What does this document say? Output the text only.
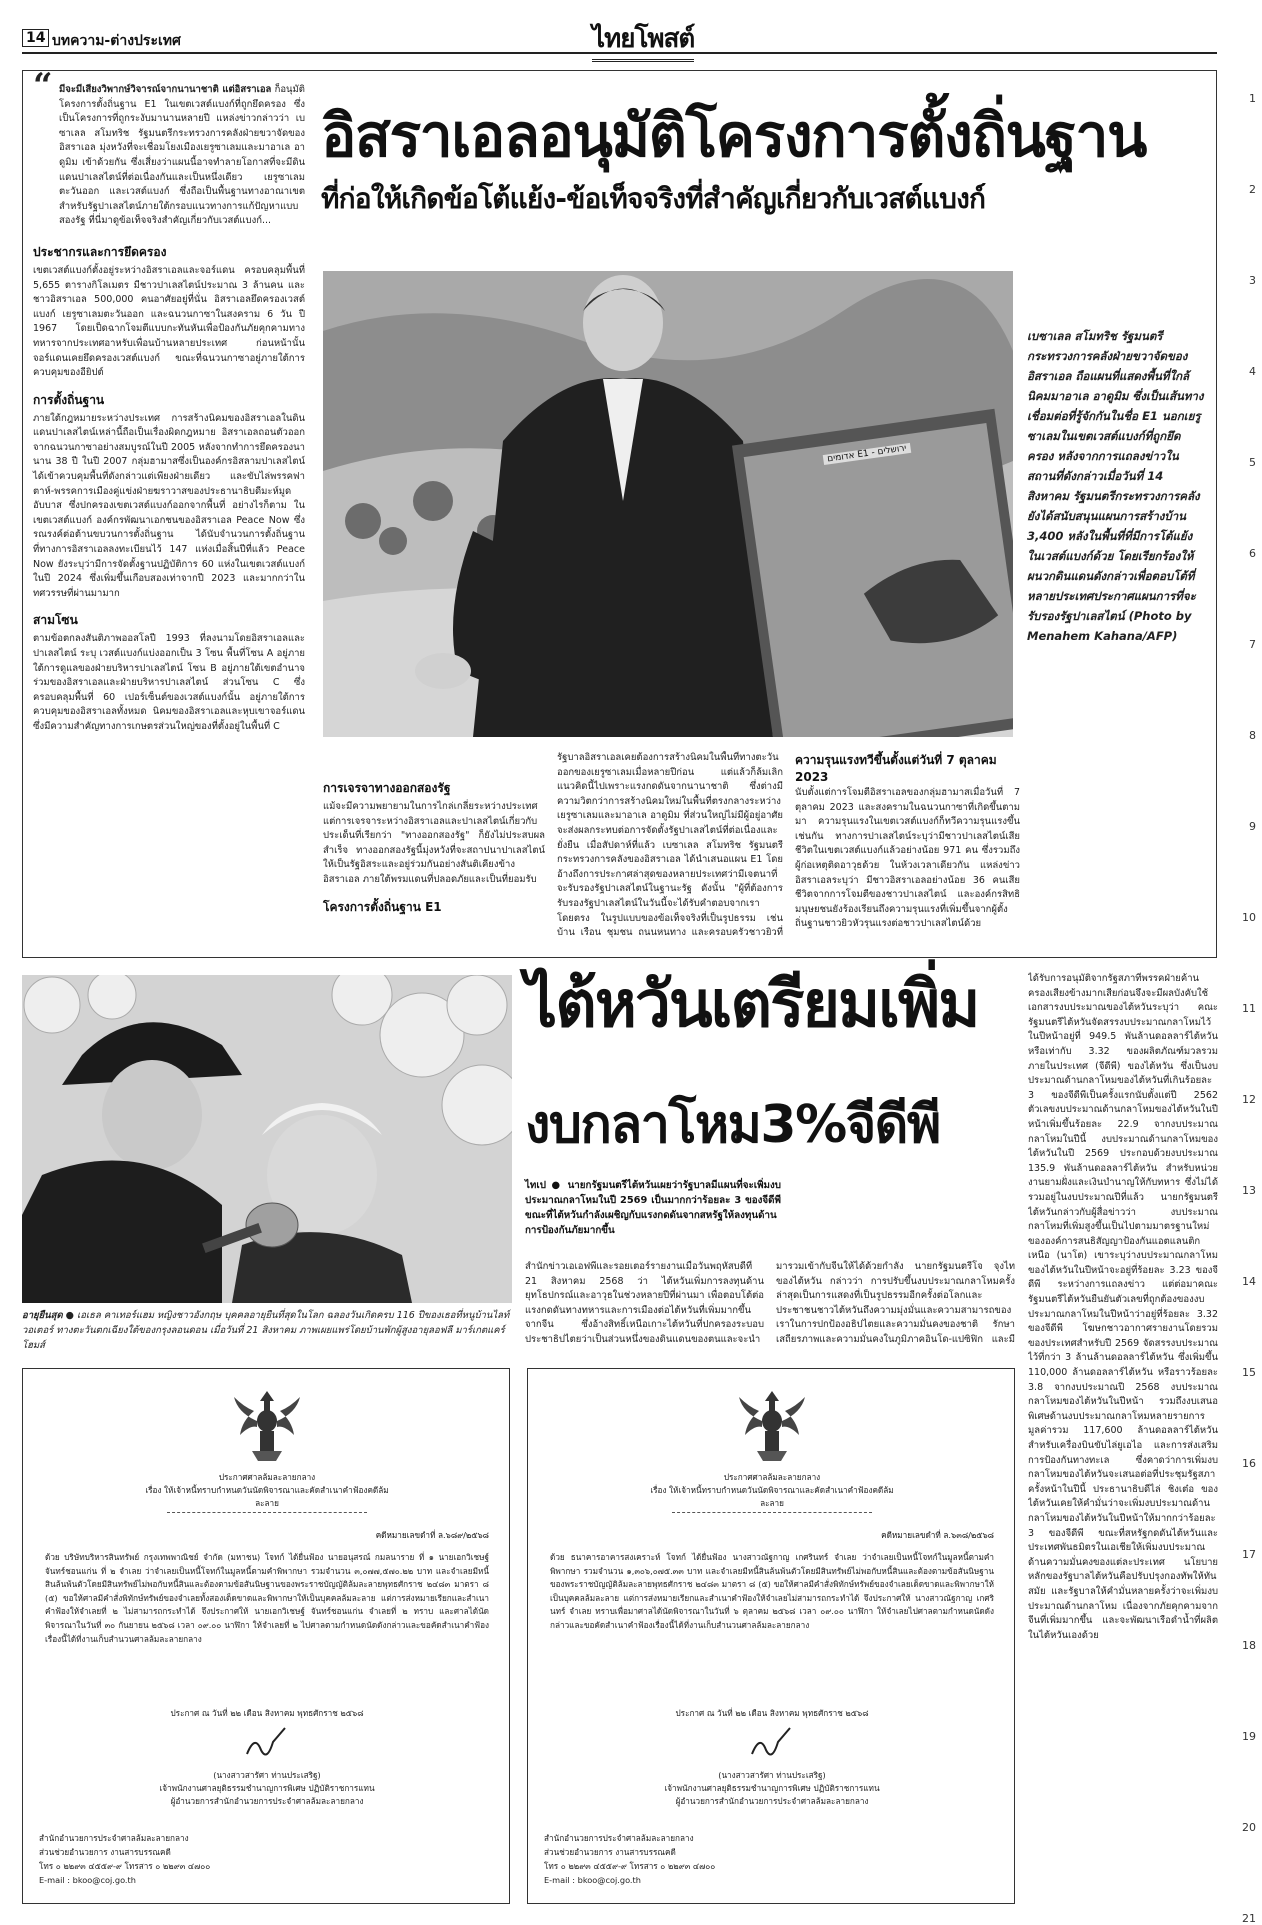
14 บทความ-ต่างประเทศ	ไทยโพสต์
1
2
3
4
5
6
7
8
9
10
11
12
13
14
15
16
17
18
19
20
21
“ มีจะมีเสียงวิพากษ์วิจารณ์จากนานาชาติ แต่อิสราเอล ก็อนุมัติโครงการตั้งถิ่นฐาน E1 ในเขตเวสต์แบงก์ที่ถูกยึดครอง ซึ่งเป็นโครงการที่ถูกระงับมานานหลายปี แหล่งข่าวกล่าวว่า เบซาเลล สโมทริช รัฐมนตรีกระทรวงการคลังฝ่ายขวาจัดของอิสราเอล มุ่งหวังที่จะเชื่อมโยงเมืองเยรูซาเลมและมาอาเล อาดูมิม เข้าด้วยกัน ซึ่งเสี่ยงว่าแผนนี้อาจทำลายโอกาสที่จะมีดินแดนปาเลสไตน์ที่ต่อเนื่องกันและเป็นหนึ่งเดียว เยรูซาเลมตะวันออก และเวสต์แบงก์ ซึ่งถือเป็นพื้นฐานทางอาณาเขตสำหรับรัฐปาเลสไตน์ภายใต้กรอบแนวทางการแก้ปัญหาแบบสองรัฐ ที่นี่มาดูข้อเท็จจริงสำคัญเกี่ยวกับเวสต์แบงก์...
ประชากรและการยึดครอง
เขตเวสต์แบงก์ตั้งอยู่ระหว่างอิสราเอลและจอร์แดน ครอบคลุมพื้นที่ 5,655 ตารางกิโลเมตร มีชาวปาเลสไตน์ประมาณ 3 ล้านคน และชาวอิสราเอล 500,000 คนอาศัยอยู่ที่นั่น อิสราเอลยึดครองเวสต์แบงก์ เยรูซาเลมตะวันออก และฉนวนกาซาในสงคราม 6 วัน ปี 1967 โดยเป็ดฉากโจมตีแบบกะทันหันเพื่อป้องกันภัยคุกคามทางทหารจากประเทศอาหรับเพื่อนบ้านหลายประเทศ ก่อนหน้านั้นจอร์แดนเคยยึดครองเวสต์แบงก์ ขณะที่ฉนวนกาซาอยู่ภายใต้การควบคุมของอียิปต์
การตั้งถิ่นฐาน
ภายใต้กฎหมายระหว่างประเทศ การสร้างนิคมของอิสราเอลในดินแดนปาเลสไตน์เหล่านี้ถือเป็นเรื่องผิดกฎหมาย อิสราเอลถอนตัวออกจากฉนวนกาซาอย่างสมบูรณ์ในปี 2005 หลังจากทำการยึดครองนานาน 38 ปี ในปี 2007 กลุ่มฮามาสซึ่งเป็นองค์กรอิสลามปาเลสไตน์ได้เข้าควบคุมพื้นที่ดังกล่าวแต่เพียงฝ่ายเดียว และขับไล่พรรคฟาตาห์-พรรคการเมืองคู่แข่งฝ่ายฆราวาสของประธานาธิบดีมะห์มูด อับบาส ซึ่งปกครองเขตเวสต์แบงก์ออกจากพื้นที่ อย่างไรก็ตาม ในเขตเวสต์แบงก์ องค์กรพัฒนาเอกชนของอิสราเอล Peace Now ซึ่งรณรงค์ต่อต้านขบวนการตั้งถิ่นฐาน ได้นับจำนวนการตั้งถิ่นฐานที่ทางการอิสราเอลลงทะเบียนไว้ 147 แห่งเมื่อสิ้นปีที่แล้ว Peace Now ยังระบุว่ามีการจัดตั้งฐานปฏิบัติการ 60 แห่งในเขตเวสต์แบงก์ในปี 2024 ซึ่งเพิ่มขึ้นเกือบสองเท่าจากปี 2023 และมากกว่าในทศวรรษที่ผ่านมามาก
สามโซน
ตามข้อตกลงสันติภาพออสโลปี 1993 ที่ลงนามโดยอิสราเอลและปาเลสไตน์ ระบุ เวสต์แบงก์แบ่งออกเป็น 3 โซน พื้นที่โซน A อยู่ภายใต้การดูแลของฝ่ายบริหารปาเลสไตน์ โซน B อยู่ภายใต้เขตอำนาจร่วมของอิสราเอลและฝ่ายบริหารปาเลสไตน์ ส่วนโซน C ซึ่งครอบคลุมพื้นที่ 60 เปอร์เซ็นต์ของเวสต์แบงก์นั้น อยู่ภายใต้การควบคุมของอิสราเอลทั้งหมด นิคมของอิสราเอลและหุบเขาจอร์แดน ซึ่งมีความสำคัญทางการเกษตรส่วนใหญ่ของที่ตั้งอยู่ในพื้นที่ C
อิสราเอลอนุมัติโครงการตั้งถิ่นฐาน
ที่ก่อให้เกิดข้อโต้แย้ง-ข้อเท็จจริงที่สำคัญเกี่ยวกับเวสต์แบงก์
אדומים E1 - ירושלים
เบซาเลล สโมทริช รัฐมนตรีกระทรวงการคลังฝ่ายขวาจัดของอิสราเอล ถือแผนที่แสดงพื้นที่ใกล้นิคมมาอาเล อาดูมิม ซึ่งเป็นเส้นทางเชื่อมต่อที่รู้จักกันในชื่อ E1 นอกเยรูซาเลมในเขตเวสต์แบงก์ที่ถูกยึดครอง หลังจากการแถลงข่าวในสถานที่ดังกล่าวเมื่อวันที่ 14 สิงหาคม รัฐมนตรีกระทรวงการคลังยังได้สนับสนุนแผนการสร้างบ้าน 3,400 หลังในพื้นที่ที่มีการโต้แย้งในเวสต์แบงก์ด้วย โดยเรียกร้องให้ผนวกดินแดนดังกล่าวเพื่อตอบโต้ที่หลายประเทศประกาศแผนการที่จะรับรองรัฐปาเลสไตน์ (Photo by Menahem Kahana/AFP)
การเจรจาทางออกสองรัฐ
แม้จะมีความพยายามในการไกล่เกลี่ยระหว่างประเทศ แต่การเจรจาระหว่างอิสราเอลและปาเลสไตน์เกี่ยวกับประเด็นที่เรียกว่า "ทางออกสองรัฐ" ก็ยังไม่ประสบผลสำเร็จ ทางออกสองรัฐนี้มุ่งหวังที่จะสถาปนาปาเลสไตน์ให้เป็นรัฐอิสระและอยู่ร่วมกันอย่างสันติเคียงข้างอิสราเอล ภายใต้พรมแดนที่ปลอดภัยและเป็นที่ยอมรับ
โครงการตั้งถิ่นฐาน E1
รัฐบาลอิสราเอลเคยต้องการสร้างนิคมในพื้นที่ทางตะวันออกของเยรูซาเลมเมื่อหลายปีก่อน แต่แล้วก็ล้มเลิกแนวคิดนี้ไปเพราะแรงกดดันจากนานาชาติ ซึ่งต่างมีความวิตกว่าการสร้างนิคมใหม่ในพื้นที่ตรงกลางระหว่างเยรูซาเลมและมาอาเล อาดูมิม ที่ส่วนใหญ่ไม่มีผู้อยู่อาศัย จะส่งผลกระทบต่อการจัดตั้งรัฐปาเลสไตน์ที่ต่อเนื่องและยั่งยืน เมื่อสัปดาห์ที่แล้ว เบซาเลล สโมทริช รัฐมนตรีกระทรวงการคลังของอิสราเอล ได้นำเสนอแผน E1 โดยอ้างถึงการประกาศล่าสุดของหลายประเทศว่ามีเจตนาที่จะรับรองรัฐปาเลสไตน์ในฐานะรัฐ ดังนั้น "ผู้ที่ต้องการรับรองรัฐปาเลสไตน์ในวันนี้จะได้รับคำตอบจากเราโดยตรง ในรูปแบบของข้อเท็จจริงที่เป็นรูปธรรม เช่น บ้าน เรือน ชุมชน ถนนหนทาง และครอบครัวชาวยิวที่
ความรุนแรงทวีขึ้นตั้งแต่วันที่ 7 ตุลาคม 2023
นับตั้งแต่การโจมตีอิสราเอลของกลุ่มฮามาสเมื่อวันที่ 7 ตุลาคม 2023 และสงครามในฉนวนกาซาที่เกิดขึ้นตามมา ความรุนแรงในเขตเวสต์แบงก์ก็ทวีความรุนแรงขึ้นเช่นกัน ทางการปาเลสไตน์ระบุว่ามีชาวปาเลสไตน์เสียชีวิตในเขตเวสต์แบงก์แล้วอย่างน้อย 971 คน ซึ่งรวมถึงผู้ก่อเหตุติดอาวุธด้วย ในห้วงเวลาเดียวกัน แหล่งข่าวอิสราเอลระบุว่า มีชาวอิสราเอลอย่างน้อย 36 คนเสียชีวิตจากการโจมตีของชาวปาเลสไตน์ และองค์กรสิทธิมนุษยชนยังร้องเรียนถึงความรุนแรงที่เพิ่มขึ้นจากผู้ตั้งถิ่นฐานชาวยิวหัวรุนแรงต่อชาวปาเลสไตน์ด้วย
อายุยืนสุด ● เอเธล คาเทอร์แฮม หญิงชาวอังกฤษ บุคคลอายุยืนที่สุดในโลก ฉลองวันเกิดครบ 116 ปีของเธอที่หนูบ้านไลท์วอเตอร์ ทางตะวันตกเฉียงใต้ของกรุงลอนดอน เมื่อวันที่ 21 สิงหาคม ภาพเผยแพร่โดยบ้านพักผู้สูงอายุลอฟลี มาร์เกตแคร์โฮมส์
ไต้หวันเตรียมเพิ่ม
งบกลาโหม3%จีดีพี
ไทเป ● นายกรัฐมนตรีไต้หวันเผยว่ารัฐบาลมีแผนที่จะเพิ่มงบประมาณกลาโหมในปี 2569 เป็นมากกว่าร้อยละ 3 ของจีดีพี ขณะที่ไต้หวันกำลังเผชิญกับแรงกดดันจากสหรัฐให้ลงทุนด้านการป้องกันภัยมากขึ้น
สำนักข่าวเอเอฟพีและรอยเตอร์รายงานเมื่อวันพฤหัสบดีที่ 21 สิงหาคม 2568 ว่า ไต้หวันเพิ่มการลงทุนด้านยุทโธปกรณ์และอาวุธในช่วงหลายปีที่ผ่านมา เพื่อตอบโต้ต่อแรงกดดันทางทหารและการเมืองต่อไต้หวันที่เพิ่มมากขึ้นจากจีน ซึ่งอ้างสิทธิ์เหนือเกาะไต้หวันที่ปกครองระบอบประชาธิปไตยว่าเป็นส่วนหนึ่งของดินแดนของตนและจะนำมารวมเข้ากับจีนให้ได้ด้วยกำลัง นายกรัฐมนตรีโจ จุงไท ของไต้หวัน กล่าวว่า การปรับขึ้นงบประมาณกลาโหมครั้งล่าสุดเป็นการแสดงที่เป็นรูปธรรมอีกครั้งต่อโลกและประชาชนชาวไต้หวันถึงความมุ่งมั่นและความสามารถของเราในการปกป้องอธิปไตยและความมั่นคงของชาติ รักษาเสถียรภาพและความมั่นคงในภูมิภาคอินโด-แปซิฟิก และมี
ได้รับการอนุมัติจากรัฐสภาที่พรรคฝ่ายค้านครองเสียงข้างมากเสียก่อนจึงจะมีผลบังคับใช้ เอกสารงบประมาณของไต้หวันระบุว่า คณะรัฐมนตรีไต้หวันจัดสรรงบประมาณกลาโหมไว้ในปีหน้าอยู่ที่ 949.5 พันล้านดอลลาร์ไต้หวัน หรือเท่ากับ 3.32 ของผลิตภัณฑ์มวลรวมภายในประเทศ (จีดีพี) ของไต้หวัน ซึ่งเป็นงบประมาณด้านกลาโหมของไต้หวันที่เกินร้อยละ 3 ของจีดีพีเป็นครั้งแรกนับตั้งแต่ปี 2562 ตัวเลขงบประมาณด้านกลาโหมของไต้หวันในปีหน้าเพิ่มขึ้นร้อยละ 22.9 จากงบประมาณกลาโหมในปีนี้ งบประมาณด้านกลาโหมของไต้หวันในปี 2569 ประกอบด้วยงบประมาณ 135.9 พันล้านดอลลาร์ไต้หวัน สำหรับหน่วยงานยามฝั่งและเงินบำนาญให้กับทหาร ซึ่งไม่ได้รวมอยู่ในงบประมาณปีที่แล้ว นายกรัฐมนตรีไต้หวันกล่าวกับผู้สื่อข่าวว่า งบประมาณกลาโหมที่เพิ่มสูงขึ้นเป็นไปตามมาตรฐานใหม่ขององค์การสนธิสัญญาป้องกันแอตแลนติกเหนือ (นาโต) เขาระบุว่างบประมาณกลาโหมของไต้หวันในปีหน้าจะอยู่ที่ร้อยละ 3.23 ของจีดีพี ระหว่างการแถลงข่าว แต่ต่อมาคณะรัฐมนตรีไต้หวันยืนยันตัวเลขที่ถูกต้องของงบประมาณกลาโหมในปีหน้าว่าอยู่ที่ร้อยละ 3.32 ของจีดีพี โฆษกชาวอากาศรายงานโดยรวมของประเทศสำหรับปี 2569 จัดสรรงบประมาณไว้ที่กว่า 3 ล้านล้านดอลลาร์ไต้หวัน ซึ่งเพิ่มขึ้น 110,000 ล้านดอลลาร์ไต้หวัน หรือราวร้อยละ 3.8 จากงบประมาณปี 2568 งบประมาณกลาโหมของไต้หวันในปีหน้า รวมถึงงบเสนอพิเศษด้านงบประมาณกลาโหมหลายรายการ มูลค่ารวม 117,600 ล้านดอลลาร์ไต้หวัน สำหรับเครื่องบินขับไล่ยูเอไอ และการส่งเสริมการป้องกันทางทะเล ซึ่งคาดว่าการเพิ่มงบกลาโหมของไต้หวันจะเสนอต่อที่ประชุมรัฐสภาครั้งหน้าในปีนี้ ประธานาธิบดีไล่ ชิงเต๋อ ของไต้หวันเคยให้คำมั่นว่าจะเพิ่มงบประมาณด้านกลาโหมของไต้หวันในปีหน้าให้มากกว่าร้อยละ 3 ของจีดีพี ขณะที่สหรัฐกดดันไต้หวันและประเทศพันธมิตรในเอเชียให้เพิ่มงบประมาณด้านความมั่นคงของแต่ละประเทศ นโยบายหลักของรัฐบาลไต้หวันคือปรับปรุงกองทัพให้ทันสมัย และรัฐบาลให้คำมั่นหลายครั้งว่าจะเพิ่มงบประมาณด้านกลาโหม เนื่องจากภัยคุกคามจากจีนที่เพิ่มมากขึ้น และจะพัฒนาเรือดำน้ำที่ผลิตในไต้หวันเองด้วย
ประกาศศาลล้มละลายกลาง
เรื่อง ให้เจ้าหนี้ทราบกำหนดวันนัดพิจารณาและคัดสำเนาคำฟ้องคดีล้มละลาย
คดีหมายเลขดำที่ ล.๖๘๙/๒๕๖๘
ด้วย บริษัทบริหารสินทรัพย์ กรุงเทพพาณิชย์ จำกัด (มหาชน) โจทก์ ได้ยื่นฟ้อง นายอนุสรณ์ กมลนาราย ที่ ๑ นายเอกวิเชษฐ์ จันทร์ชอนแก่น ที่ ๒ จำเลย ว่าจำเลยเป็นหนี้โจทก์ในมูลหนี้ตามคำพิพากษา รวมจำนวน ๓,๐๗๗,๕๗๐.๒๒ บาท และจำเลยมีหนี้สินล้นพ้นตัวโดยมีสินทรัพย์ไม่พอกับหนี้สินและต้องตามข้อสันนิษฐานของพระราชบัญญัติล้มละลายพุทธศักราช ๒๔๘๓ มาตรา ๘ (๕) ขอให้ศาลมีคำสั่งพิทักษ์ทรัพย์ของจำเลยทั้งสองเด็ดขาดและพิพากษาให้เป็นบุคคลล้มละลาย แต่การส่งหมายเรียกและสำเนาคำฟ้องให้จำเลยที่ ๒ ไม่สามารถกระทำได้ จึงประกาศให้ นายเอกวิเชษฐ์ จันทร์ชอนแก่น จำเลยที่ ๒ ทราบ และศาลได้นัดพิจารณาในวันที่ ๓๐ กันยายน ๒๕๖๘ เวลา ๐๙.๐๐ นาฬิกา ให้จำเลยที่ ๒ ไปศาลตามกำหนดนัดดังกล่าวและขอคัดสำเนาคำฟ้องเรื่องนี้ได้ที่งานเก็บสำนวนศาลล้มละลายกลาง
ประกาศ ณ วันที่ ๒๒ เดือน สิงหาคม พุทธศักราช ๒๕๖๘
(นางสาวสารัศา ท่านประเสริฐ)
เจ้าพนักงานศาลยุติธรรมชำนาญการพิเศษ ปฏิบัติราชการแทน
ผู้อำนวยการสำนักอำนวยการประจำศาลล้มละลายกลาง
สำนักอำนวยการประจำศาลล้มละลายกลาง
ส่วนช่วยอำนวยการ งานสารบรรณคดี
โทร ๐ ๒๒๙๓ ๔๕๕๙-๙ โทรสาร ๐ ๒๒๙๓ ๔๗๐๐
E-mail : bkoo@coj.go.th
ประกาศศาลล้มละลายกลาง
เรื่อง ให้เจ้าหนี้ทราบกำหนดวันนัดพิจารณาและคัดสำเนาคำฟ้องคดีล้มละลาย
คดีหมายเลขดำที่ ล.๖๓๘/๒๕๖๘
ด้วย ธนาคารอาคารสงเคราะห์ โจทก์ ได้ยื่นฟ้อง นางสาวณัฐกาญ เกศรินทร์ จำเลย ว่าจำเลยเป็นหนี้โจทก์ในมูลหนี้ตามคำพิพากษา รวมจำนวน ๑,๓๐๖,๐๗๕.๓๓ บาท และจำเลยมีหนี้สินล้นพ้นตัวโดยมีสินทรัพย์ไม่พอกับหนี้สินและต้องตามข้อสันนิษฐานของพระราชบัญญัติล้มละลายพุทธศักราช ๒๔๘๓ มาตรา ๘ (๕) ขอให้ศาลมีคำสั่งพิทักษ์ทรัพย์ของจำเลยเด็ดขาดและพิพากษาให้เป็นบุคคลล้มละลาย แต่การส่งหมายเรียกและสำเนาคำฟ้องให้จำเลยไม่สามารถกระทำได้ จึงประกาศให้ นางสาวณัฐกาญ เกศรินทร์ จำเลย ทราบเพื่อมาศาลได้นัดพิจารณาในวันที่ ๖ ตุลาคม ๒๕๖๘ เวลา ๐๙.๐๐ นาฬิกา ให้จำเลยไปศาลตามกำหนดนัดดังกล่าวและขอคัดสำเนาคำฟ้องเรื่องนี้ได้ที่งานเก็บสำนวนศาลล้มละลายกลาง
ประกาศ ณ วันที่ ๒๒ เดือน สิงหาคม พุทธศักราช ๒๕๖๘
(นางสาวสารัศา ท่านประเสริฐ)
เจ้าพนักงานศาลยุติธรรมชำนาญการพิเศษ ปฏิบัติราชการแทน
ผู้อำนวยการสำนักอำนวยการประจำศาลล้มละลายกลาง
สำนักอำนวยการประจำศาลล้มละลายกลาง
ส่วนช่วยอำนวยการ งานสารบรรณคดี
โทร ๐ ๒๒๙๓ ๔๕๕๙-๙ โทรสาร ๐ ๒๒๙๓ ๔๗๐๐
E-mail : bkoo@coj.go.th
